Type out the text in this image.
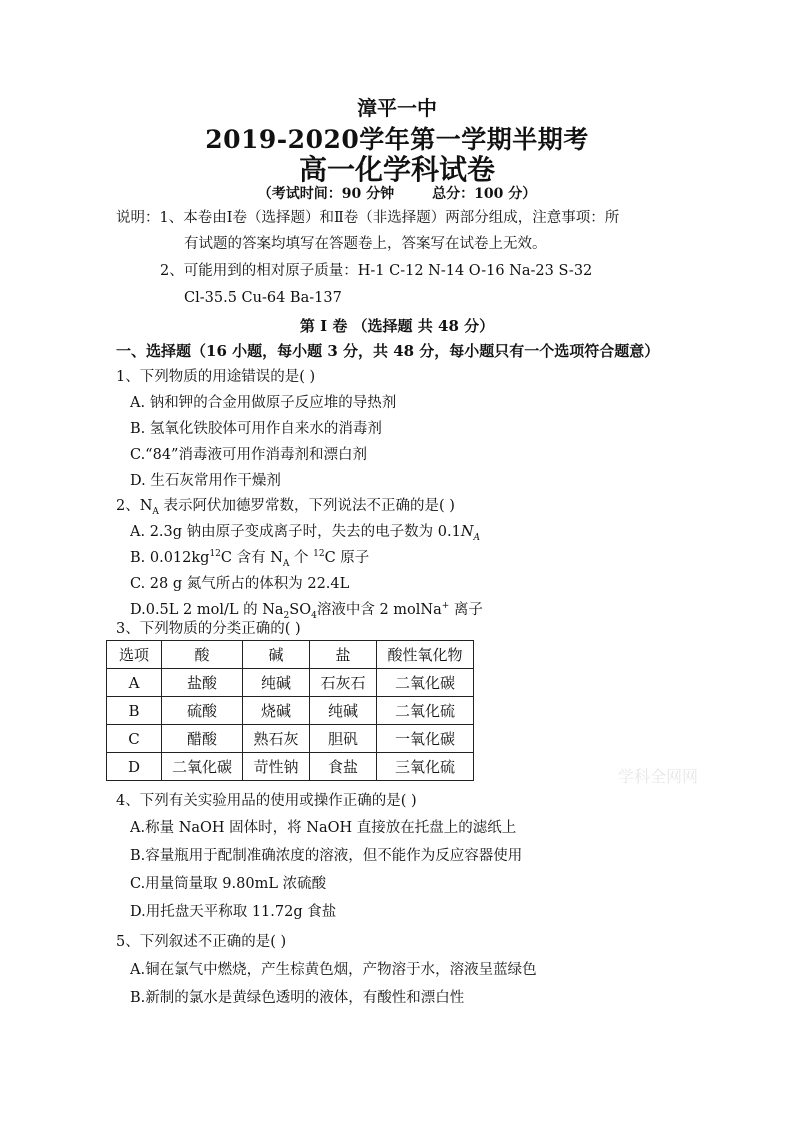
漳平一中
2019-2020学年第一学期半期考
高一化学科试卷
（考试时间：90 分钟	总分：100 分）
说明：1、本卷由Ⅰ卷（选择题）和Ⅱ卷（非选择题）两部分组成，注意事项：所
有试题的答案均填写在答题卷上，答案写在试卷上无效。
2、可能用到的相对原子质量：H-1 C-12 N-14 O-16 Na-23 S-32
Cl-35.5 Cu-64 Ba-137
第 Ⅰ 卷 （选择题 共 48 分）
一、选择题（16 小题，每小题 3 分，共 48 分，每小题只有一个选项符合题意）
1、下列物质的用途错误的是( )
A. 钠和钾的合金用做原子反应堆的导热剂
B. 氢氧化铁胶体可用作自来水的消毒剂
C.“84”消毒液可用作消毒剂和漂白剂
D. 生石灰常用作干燥剂
2、$N_A$ 表示阿伏加德罗常数，下列说法不正确的是( )
A. 2.3g 钠由原子变成离子时，失去的电子数为 $0.1N_A$
B. $0.012kg^{12}C$ 含有 $N_A$ 个 $^{12}$C 原子
C. 28 g 氮气所占的体积为 22.4L
D.0.5L 2 mol/L 的 $Na_2SO_4$溶液中含 2 molNa+ 离子
3、下列物质的分类正确的( )
选项	酸	碱	盐	酸性氧化物
A	盐酸	纯碱	石灰石	二氧化碳
B	硫酸	烧碱	纯碱	二氧化硫
C	醋酸	熟石灰	胆矾	一氧化碳
D	二氧化碳	苛性钠	食盐	三氧化硫	学科全网网
4、下列有关实验用品的使用或操作正确的是( )
A.称量 NaOH 固体时，将 NaOH 直接放在托盘上的滤纸上
B.容量瓶用于配制准确浓度的溶液，但不能作为反应容器使用
C.用量筒量取 9.80mL 浓硫酸
D.用托盘天平称取 11.72g 食盐
5、下列叙述不正确的是( )
A.铜在氯气中燃烧，产生棕黄色烟，产物溶于水，溶液呈蓝绿色
B.新制的氯水是黄绿色透明的液体，有酸性和漂白性
